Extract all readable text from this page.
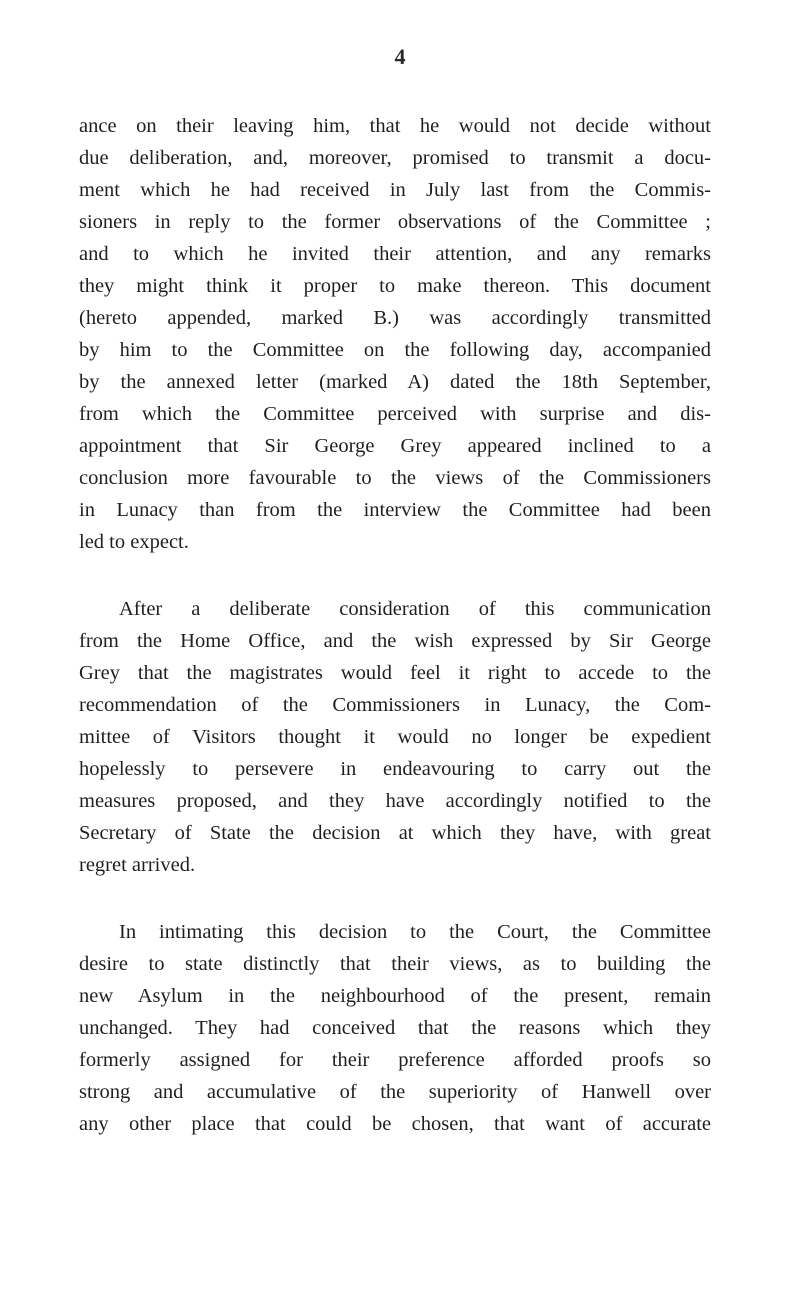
4
ance on their leaving him, that he would not decide without
due deliberation, and, moreover, promised to transmit a docu-
ment which he had received in July last from the Commis-
sioners in reply to the former observations of the Committee ;
and to which he invited their attention, and any remarks
they might think it proper to make thereon. This document
(hereto appended, marked B.) was accordingly transmitted
by him to the Committee on the following day, accompanied
by the annexed letter (marked A) dated the 18th September,
from which the Committee perceived with surprise and dis-
appointment that Sir George Grey appeared inclined to a
conclusion more favourable to the views of the Commissioners
in Lunacy than from the interview the Committee had been
led to expect.
After a deliberate consideration of this communication
from the Home Office, and the wish expressed by Sir George
Grey that the magistrates would feel it right to accede to the
recommendation of the Commissioners in Lunacy, the Com-
mittee of Visitors thought it would no longer be expedient
hopelessly to persevere in endeavouring to carry out the
measures proposed, and they have accordingly notified to the
Secretary of State the decision at which they have, with great
regret arrived.
In intimating this decision to the Court, the Committee
desire to state distinctly that their views, as to building the
new Asylum in the neighbourhood of the present, remain
unchanged. They had conceived that the reasons which they
formerly assigned for their preference afforded proofs so
strong and accumulative of the superiority of Hanwell over
any other place that could be chosen, that want of accurate
